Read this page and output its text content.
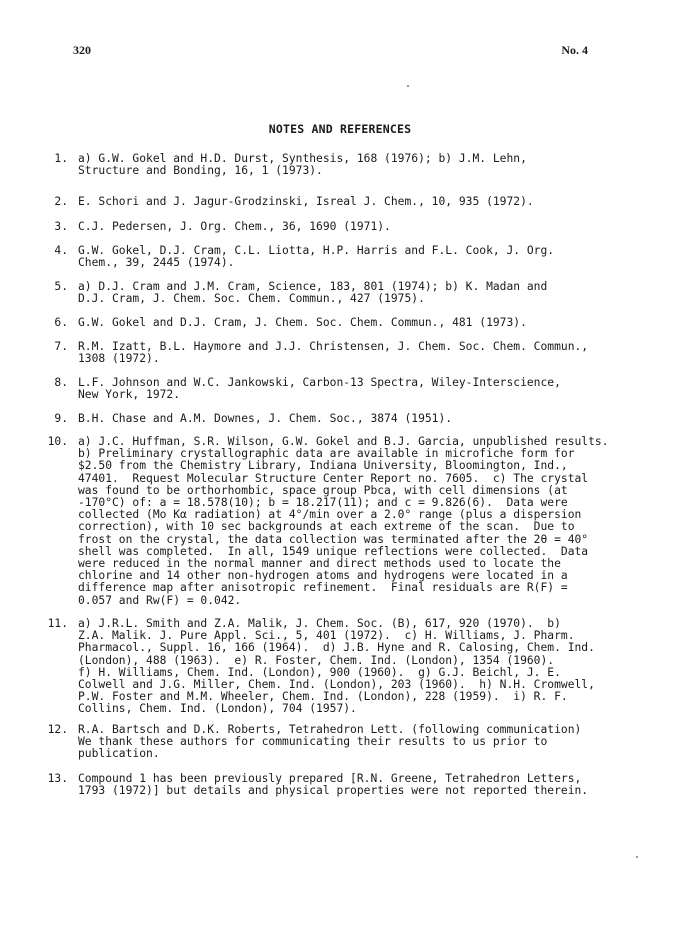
320	No. 4
NOTES AND REFERENCES
1. a) G.W. Gokel and H.D. Durst, Synthesis, 168 (1976); b) J.M. Lehn,
Structure and Bonding, 16, 1 (1973).
2. E. Schori and J. Jagur-Grodzinski, Isreal J. Chem., 10, 935 (1972).
3. C.J. Pedersen, J. Org. Chem., 36, 1690 (1971).
4. G.W. Gokel, D.J. Cram, C.L. Liotta, H.P. Harris and F.L. Cook, J. Org.
Chem., 39, 2445 (1974).
5. a) D.J. Cram and J.M. Cram, Science, 183, 801 (1974); b) K. Madan and
D.J. Cram, J. Chem. Soc. Chem. Commun., 427 (1975).
6. G.W. Gokel and D.J. Cram, J. Chem. Soc. Chem. Commun., 481 (1973).
7. R.M. Izatt, B.L. Haymore and J.J. Christensen, J. Chem. Soc. Chem. Commun.,
1308 (1972).
8. L.F. Johnson and W.C. Jankowski, Carbon-13 Spectra, Wiley-Interscience,
New York, 1972.
9. B.H. Chase and A.M. Downes, J. Chem. Soc., 3874 (1951).
10. a) J.C. Huffman, S.R. Wilson, G.W. Gokel and B.J. Garcia, unpublished results.
b) Preliminary crystallographic data are available in microfiche form for
$2.50 from the Chemistry Library, Indiana University, Bloomington, Ind.,
47401.  Request Molecular Structure Center Report no. 7605.  c) The crystal
was found to be orthorhombic, space group Pbca, with cell dimensions (at
-170°C) of: a = 18.578(10); b = 18.217(11); and c = 9.826(6).  Data were
collected (Mo Kα radiation) at 4°/min over a 2.0° range (plus a dispersion
correction), with 10 sec backgrounds at each extreme of the scan.  Due to
frost on the crystal, the data collection was terminated after the 2θ = 40°
shell was completed.  In all, 1549 unique reflections were collected.  Data
were reduced in the normal manner and direct methods used to locate the
chlorine and 14 other non-hydrogen atoms and hydrogens were located in a
difference map after anisotropic refinement.  Final residuals are R(F) =
0.057 and Rw(F) = 0.042.
11. a) J.R.L. Smith and Z.A. Malik, J. Chem. Soc. (B), 617, 920 (1970).  b)
Z.A. Malik. J. Pure Appl. Sci., 5, 401 (1972).  c) H. Williams, J. Pharm.
Pharmacol., Suppl. 16, 166 (1964).  d) J.B. Hyne and R. Calosing, Chem. Ind.
(London), 488 (1963).  e) R. Foster, Chem. Ind. (London), 1354 (1960).
f) H. Williams, Chem. Ind. (London), 900 (1960).  g) G.J. Beichl, J. E.
Colwell and J.G. Miller, Chem. Ind. (London), 203 (1960).  h) N.H. Cromwell,
P.W. Foster and M.M. Wheeler, Chem. Ind. (London), 228 (1959).  i) R. F.
Collins, Chem. Ind. (London), 704 (1957).
12. R.A. Bartsch and D.K. Roberts, Tetrahedron Lett. (following communication)
We thank these authors for communicating their results to us prior to
publication.
13. Compound 1 has been previously prepared [R.N. Greene, Tetrahedron Letters,
1793 (1972)] but details and physical properties were not reported therein.
